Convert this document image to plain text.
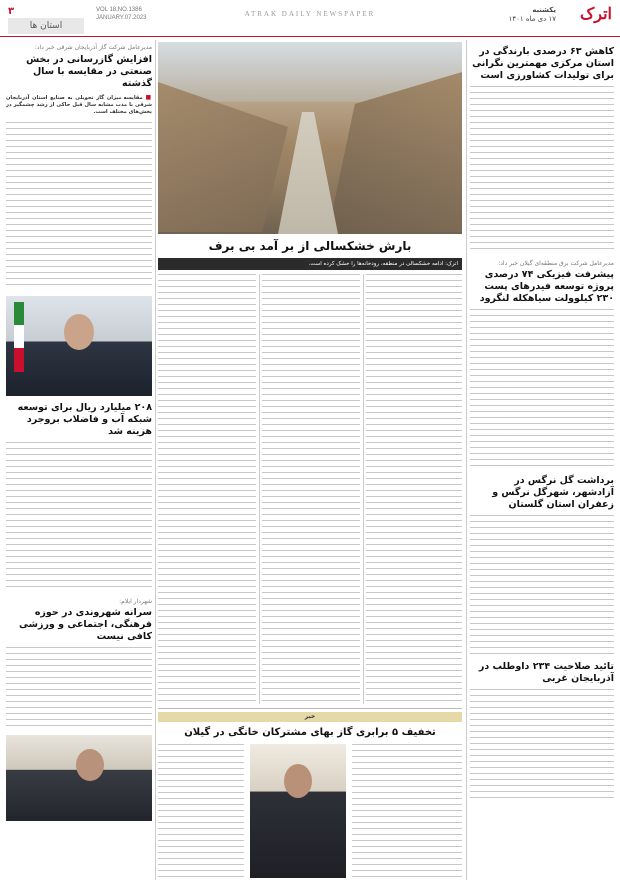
۳
استان ها
VOL 18,NO.1386
JANUARY.07.2023	ATRAK DAILY NEWSPAPER	یکشنبه
۱۷ دی ماه ۱۴۰۱	اترک
مدیرعامل شرکت گاز آذربایجان شرقی خبر داد:
افزایش گازرسانی در بخش صنعتی در مقایسه با سال گذشته
■ مقایسه میزان گاز تحویلی به صنایع استان آذربایجان شرقی با مدت مشابه سال قبل حاکی از رشد چشمگیر در بخش‌های مختلف است.
۲۰۸ میلیارد ریال برای توسعه شبکه آب و فاضلاب بروجرد هزینه شد
شهردار ایلام:
سرانه شهروندی در حوزه فرهنگی، اجتماعی و ورزشی کافی نیست
بارش خشکسالی از بر آمد بی برف
اترک: ادامه خشکسالی در منطقه، رودخانه‌ها را خشک کرده است.
خبر
تخفیف ۵ برابری گاز بهای مشترکان خانگی در گیلان
کاهش ۶۳ درصدی بارندگی در استان مرکزی مهمترین نگرانی برای تولیدات کشاورزی است
مدیرعامل شرکت برق منطقه‌ای گیلان خبر داد:
پیشرفت فیزیکی ۷۴ درصدی پروژه توسعه فیدرهای پست ۲۳۰ کیلوولت سیاهکله لنگرود
برداشت گل نرگس در آزادشهر، شهرگل نرگس و زعفران استان گلستان
تائید صلاحیت ۲۳۴ داوطلب در آذربایجان غربی
